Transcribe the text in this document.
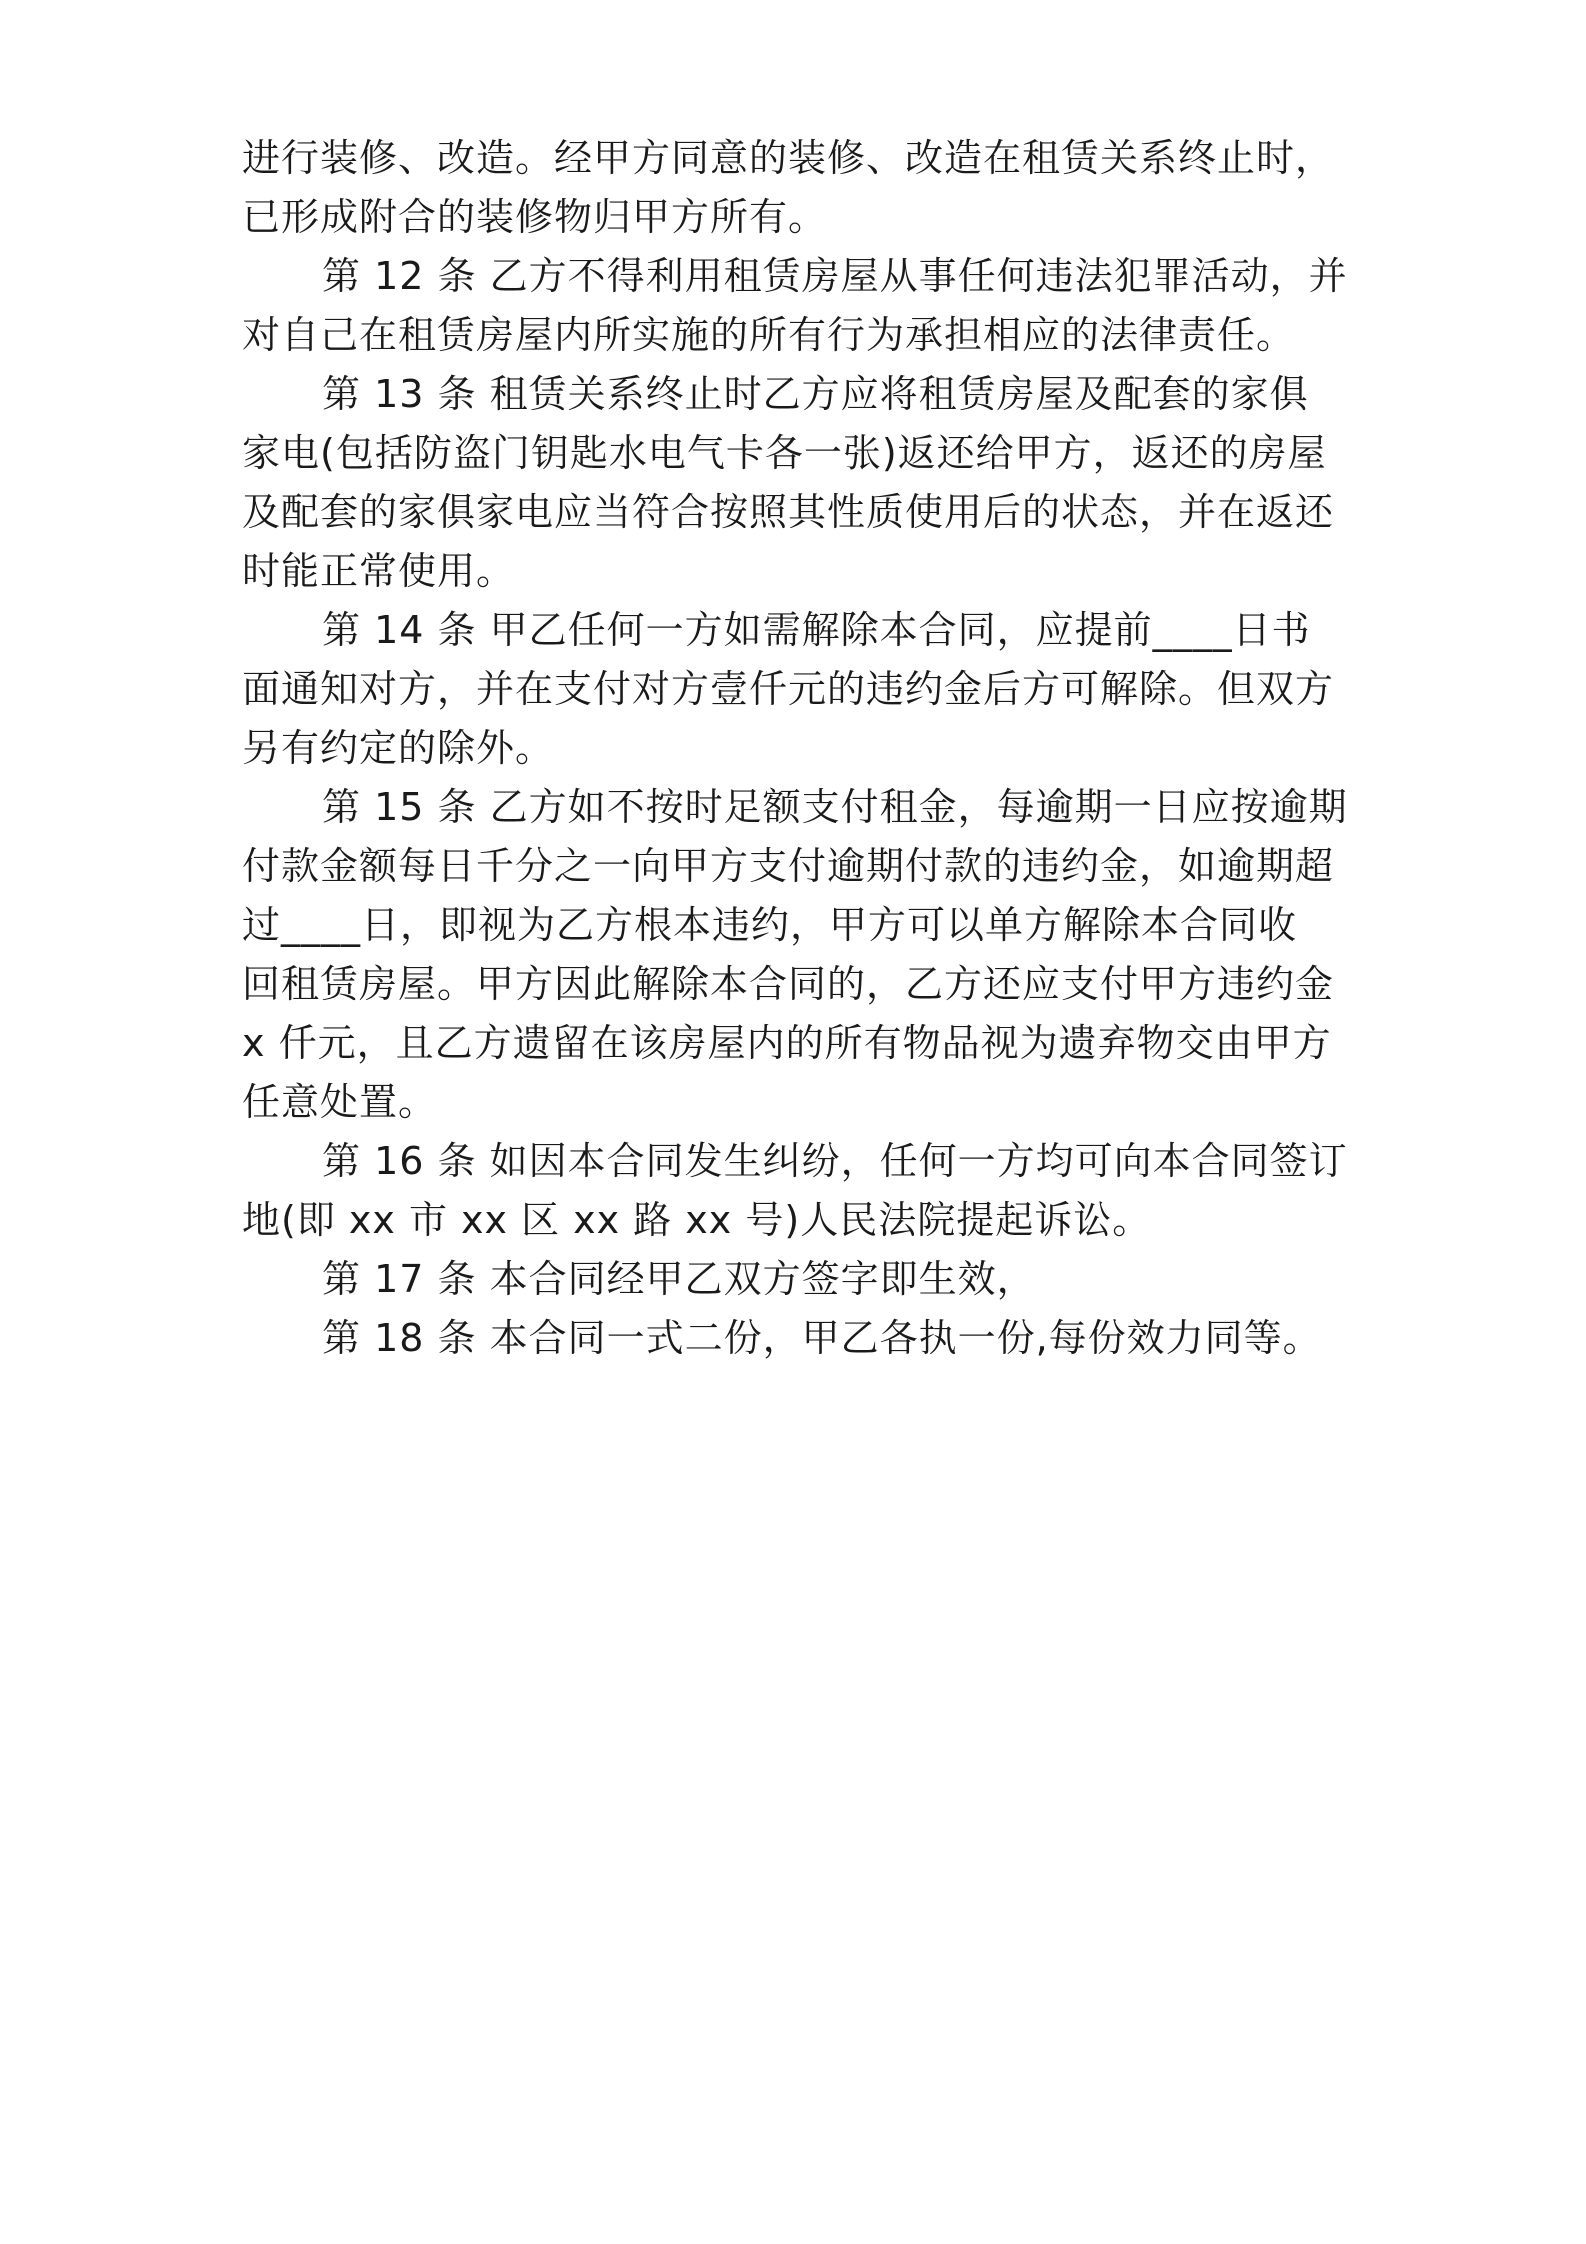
进行装修、改造。经甲方同意的装修、改造在租赁关系终止时，
已形成附合的装修物归甲方所有。
第 12 条 乙方不得利用租赁房屋从事任何违法犯罪活动，并
对自己在租赁房屋内所实施的所有行为承担相应的法律责任。
第 13 条 租赁关系终止时乙方应将租赁房屋及配套的家俱
家电(包括防盗门钥匙水电气卡各一张)返还给甲方，返还的房屋
及配套的家俱家电应当符合按照其性质使用后的状态，并在返还
时能正常使用。
第 14 条 甲乙任何一方如需解除本合同，应提前____日书
面通知对方，并在支付对方壹仟元的违约金后方可解除。但双方
另有约定的除外。
第 15 条 乙方如不按时足额支付租金，每逾期一日应按逾期
付款金额每日千分之一向甲方支付逾期付款的违约金，如逾期超
过____日，即视为乙方根本违约，甲方可以单方解除本合同收
回租赁房屋。甲方因此解除本合同的，乙方还应支付甲方违约金
x 仟元，且乙方遗留在该房屋内的所有物品视为遗弃物交由甲方
任意处置。
第 16 条 如因本合同发生纠纷，任何一方均可向本合同签订
地(即 xx 市 xx 区 xx 路 xx 号)人民法院提起诉讼。
第 17 条 本合同经甲乙双方签字即生效，
第 18 条 本合同一式二份，甲乙各执一份,每份效力同等。
